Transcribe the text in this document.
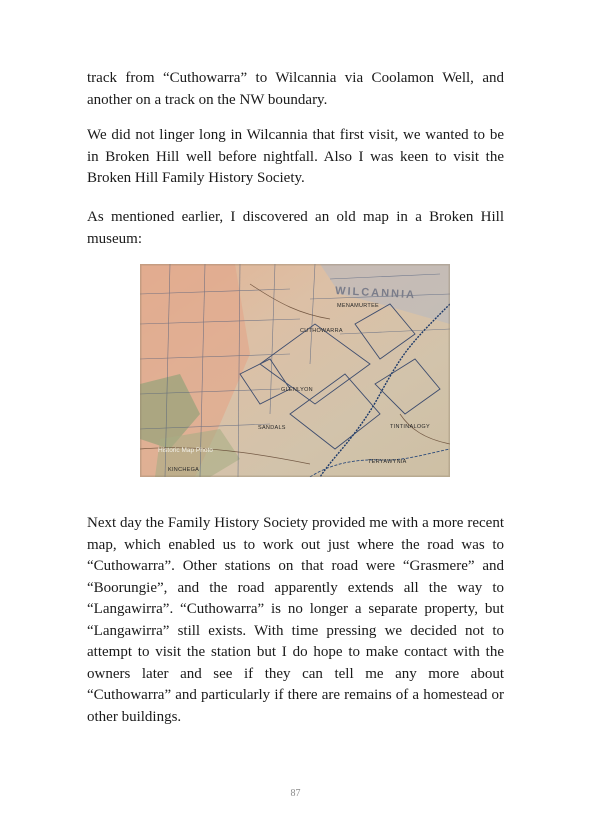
track from “Cuthowarra” to Wilcannia via Coolamon Well, and another on a track on the NW boundary.

We did not linger long in Wilcannia that first visit, we wanted to be in Broken Hill well before nightfall. Also I was keen to visit the Broken Hill Family History Society.

As mentioned earlier, I discovered an old map in a Broken Hill museum:

WILCANNIA
CUTHOWARRA
MENAMURTEE
GLENLYON
KINCHEGA
TINTINALOGY
TERYAWYNIA
SANDALS
Historic Map Photo

Next day the Family History Society provided me with a more recent map, which enabled us to work out just where the road was to “Cuthowarra”. Other stations on that road were “Grasmere” and “Boorungie”, and the road apparently extends all the way to “Langawirra”. “Cuthowarra” is no longer a separate property, but “Langawirra” still exists. With time pressing we decided not to attempt to visit the station but I do hope to make contact with the owners later and see if they can tell me any more about “Cuthowarra” and particularly if there are remains of a homestead or other buildings.

87
